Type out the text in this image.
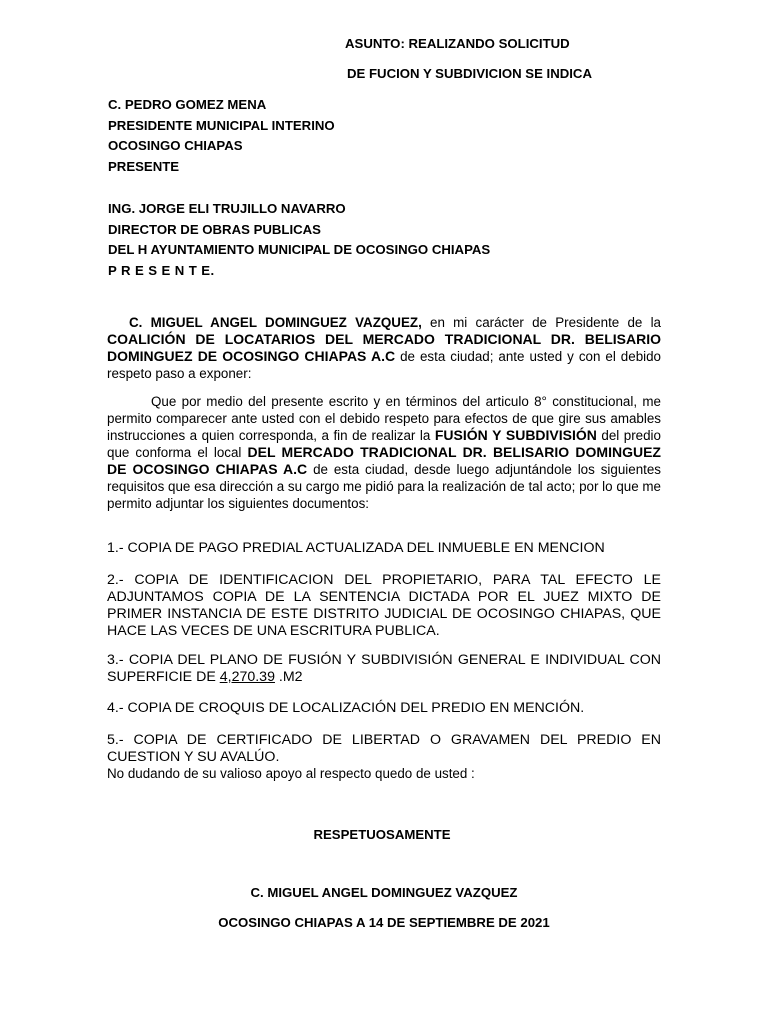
ASUNTO: REALIZANDO SOLICITUD

DE FUCION Y SUBDIVICION SE INDICA

C. PEDRO GOMEZ MENA
PRESIDENTE MUNICIPAL INTERINO
OCOSINGO CHIAPAS
PRESENTE
ING. JORGE ELI TRUJILLO NAVARRO
DIRECTOR DE OBRAS PUBLICAS
DEL H AYUNTAMIENTO MUNICIPAL DE OCOSINGO CHIAPAS
P R E S E N T E.

C. MIGUEL ANGEL DOMINGUEZ VAZQUEZ, en mi carácter de Presidente de la COALICIÓN DE LOCATARIOS DEL MERCADO TRADICIONAL DR. BELISARIO DOMINGUEZ DE OCOSINGO CHIAPAS A.C de esta ciudad; ante usted y con el debido respeto paso a exponer:

Que por medio del presente escrito y en términos del articulo 8° constitucional, me permito comparecer ante usted con el debido respeto para efectos de que gire sus amables instrucciones a quien corresponda, a fin de realizar la FUSIÓN Y SUBDIVISIÓN del predio que conforma el local DEL MERCADO TRADICIONAL DR. BELISARIO DOMINGUEZ DE OCOSINGO CHIAPAS A.C de esta ciudad, desde luego adjuntándole los siguientes requisitos que esa dirección a su cargo me pidió para la realización de tal acto; por lo que me permito adjuntar los siguientes documentos:

1.- COPIA DE PAGO PREDIAL ACTUALIZADA DEL INMUEBLE EN MENCION

2.- COPIA DE IDENTIFICACION DEL PROPIETARIO, PARA TAL EFECTO LE ADJUNTAMOS COPIA DE LA SENTENCIA DICTADA POR EL JUEZ MIXTO DE PRIMER INSTANCIA DE ESTE DISTRITO JUDICIAL DE OCOSINGO CHIAPAS, QUE HACE LAS VECES DE UNA ESCRITURA PUBLICA.

3.- COPIA DEL PLANO DE FUSIÓN Y SUBDIVISIÓN GENERAL E INDIVIDUAL CON SUPERFICIE DE 4,270.39 .M2

4.- COPIA DE CROQUIS DE LOCALIZACIÓN DEL PREDIO EN MENCIÓN.

5.- COPIA DE CERTIFICADO DE LIBERTAD O GRAVAMEN DEL PREDIO EN CUESTION Y SU AVALÚO.

No dudando de su valioso apoyo al respecto quedo de usted :

RESPETUOSAMENTE

C. MIGUEL ANGEL DOMINGUEZ VAZQUEZ

OCOSINGO CHIAPAS A 14 DE SEPTIEMBRE DE 2021
